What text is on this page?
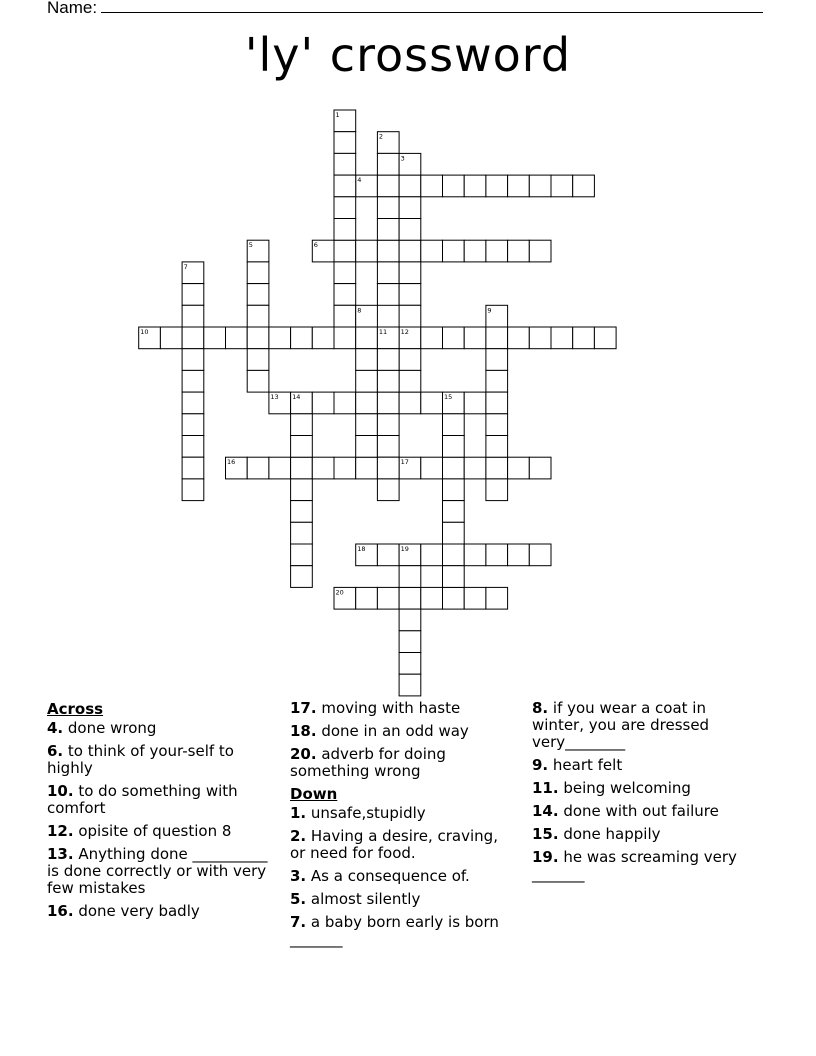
Name:
'ly' crossword
1
2
3
4
5	6
7
8	9
10	11 12
13 14	15
16	17
18	19
20
Across
4. done wrong
6. to think of your-self to highly
10. to do something with comfort
12. opisite of question 8
13. Anything done __________ is done correctly or with very few mistakes
16. done very badly
17. moving with haste
18. done in an odd way
20. adverb for doing something wrong
Down
1. unsafe,stupidly
2. Having a desire, craving, or need for food.
3. As a consequence of.
5. almost silently
7. a baby born early is born _______
8. if you wear a coat in winter, you are dressed very________
9. heart felt
11. being welcoming
14. done with out failure
15. done happily
19. he was screaming very _______
